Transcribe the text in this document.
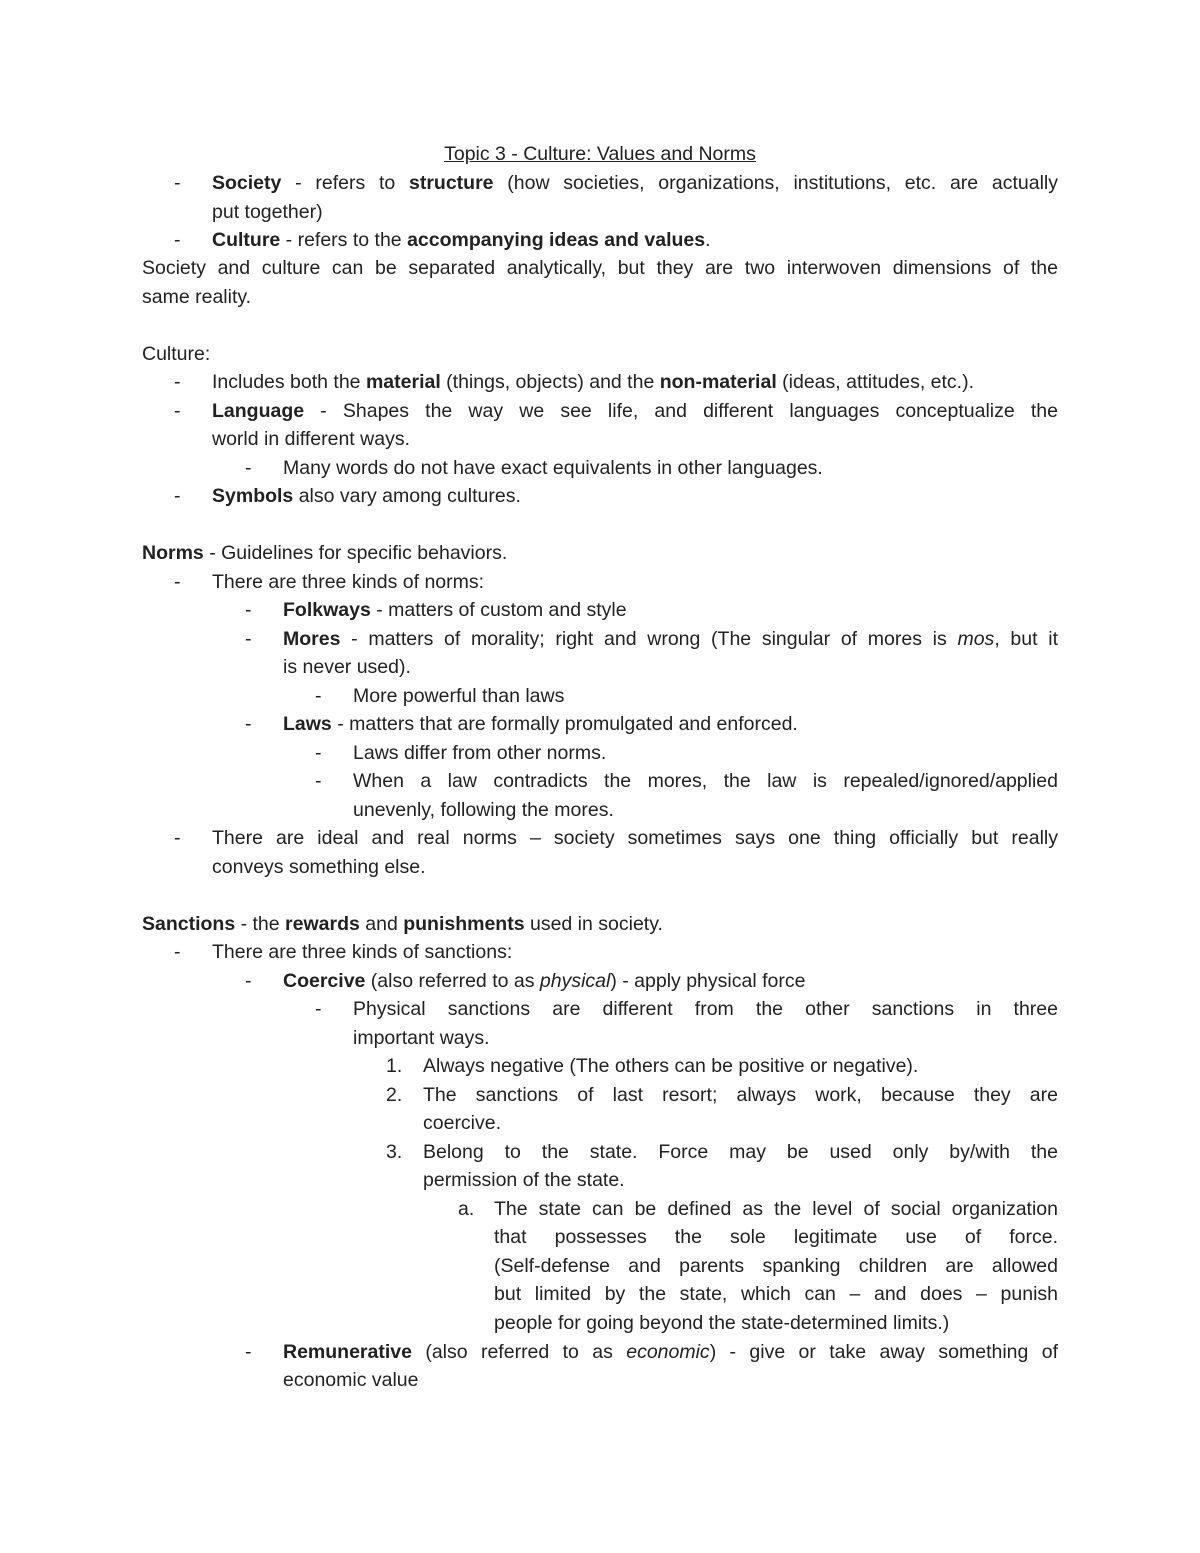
Topic 3 - Culture: Values and Norms
- Society - refers to structure (how societies, organizations, institutions, etc. are actually
put together)
- Culture - refers to the accompanying ideas and values.
Society and culture can be separated analytically, but they are two interwoven dimensions of the
same reality.
Culture:
- Includes both the material (things, objects) and the non-material (ideas, attitudes, etc.).
- Language - Shapes the way we see life, and different languages conceptualize the
world in different ways.
- Many words do not have exact equivalents in other languages.
- Symbols also vary among cultures.
Norms - Guidelines for specific behaviors.
- There are three kinds of norms:
- Folkways - matters of custom and style
- Mores - matters of morality; right and wrong (The singular of mores is mos, but it
is never used).
- More powerful than laws
- Laws - matters that are formally promulgated and enforced.
- Laws differ from other norms.
- When a law contradicts the mores, the law is repealed/ignored/applied
unevenly, following the mores.
- There are ideal and real norms – society sometimes says one thing officially but really
conveys something else.
Sanctions - the rewards and punishments used in society.
- There are three kinds of sanctions:
- Coercive (also referred to as physical) - apply physical force
- Physical sanctions are different from the other sanctions in three
important ways.
1. Always negative (The others can be positive or negative).
2. The sanctions of last resort; always work, because they are
coercive.
3. Belong to the state. Force may be used only by/with the
permission of the state.
a. The state can be defined as the level of social organization
that possesses the sole legitimate use of force.
(Self-defense and parents spanking children are allowed
but limited by the state, which can – and does – punish
people for going beyond the state-determined limits.)
- Remunerative (also referred to as economic) - give or take away something of
economic value
